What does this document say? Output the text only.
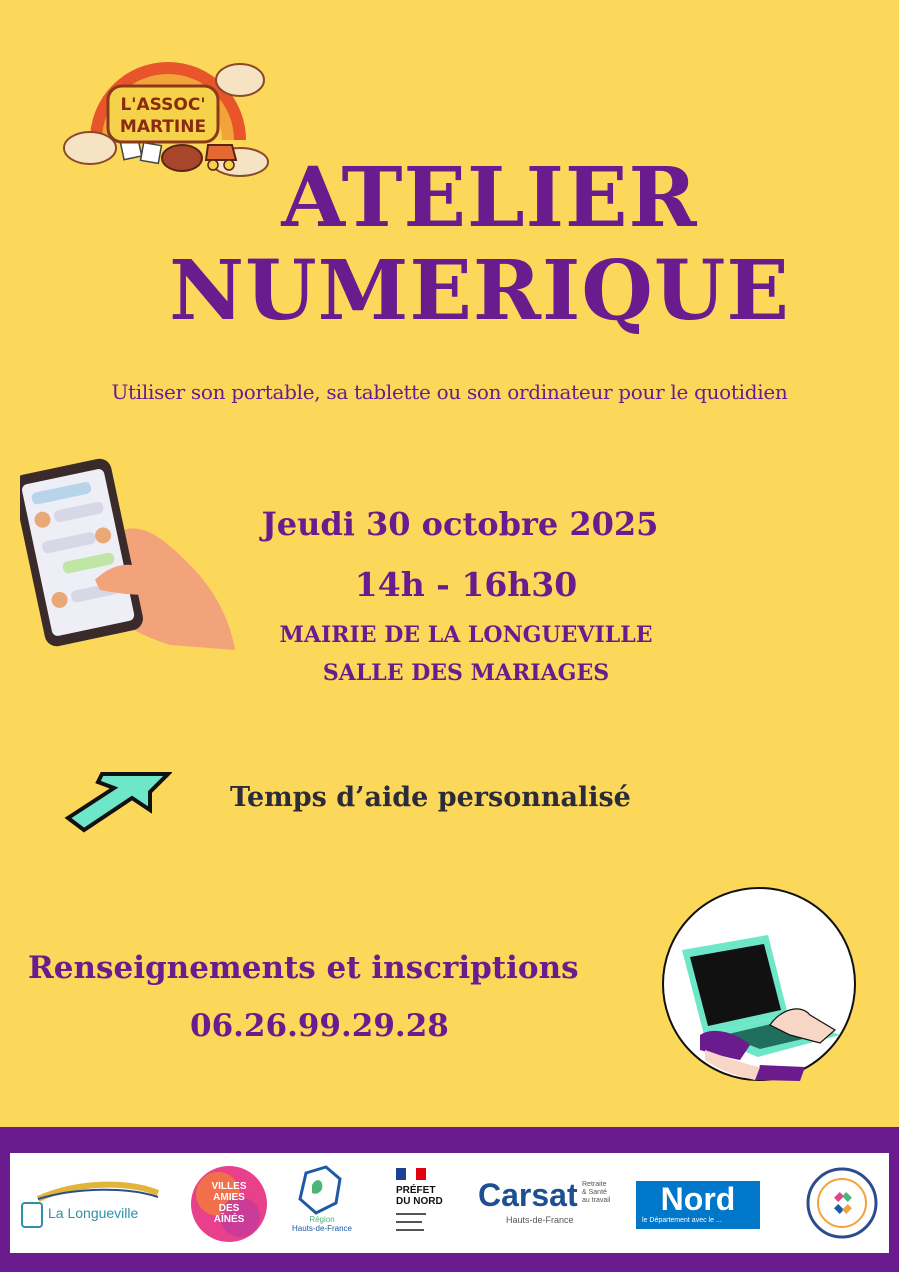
L'ASSOC'
MARTINE
ATELIER
NUMERIQUE
Utiliser son portable, sa tablette ou son ordinateur pour le quotidien
Jeudi 30 octobre 2025
14h - 16h30
MAIRIE DE LA LONGUEVILLE
SALLE DES MARIAGES
Temps d’aide personnalisé
Renseignements et inscriptions
06.26.99.29.28
La Longueville
VILLES
AMIES
DES
AÎNÉS	Région
Hauts-de-France
PRÉFET
DU NORD Carsat Retraite
& Santé
au travail
Hauts-de-France
Nord
le Département avec le ...
